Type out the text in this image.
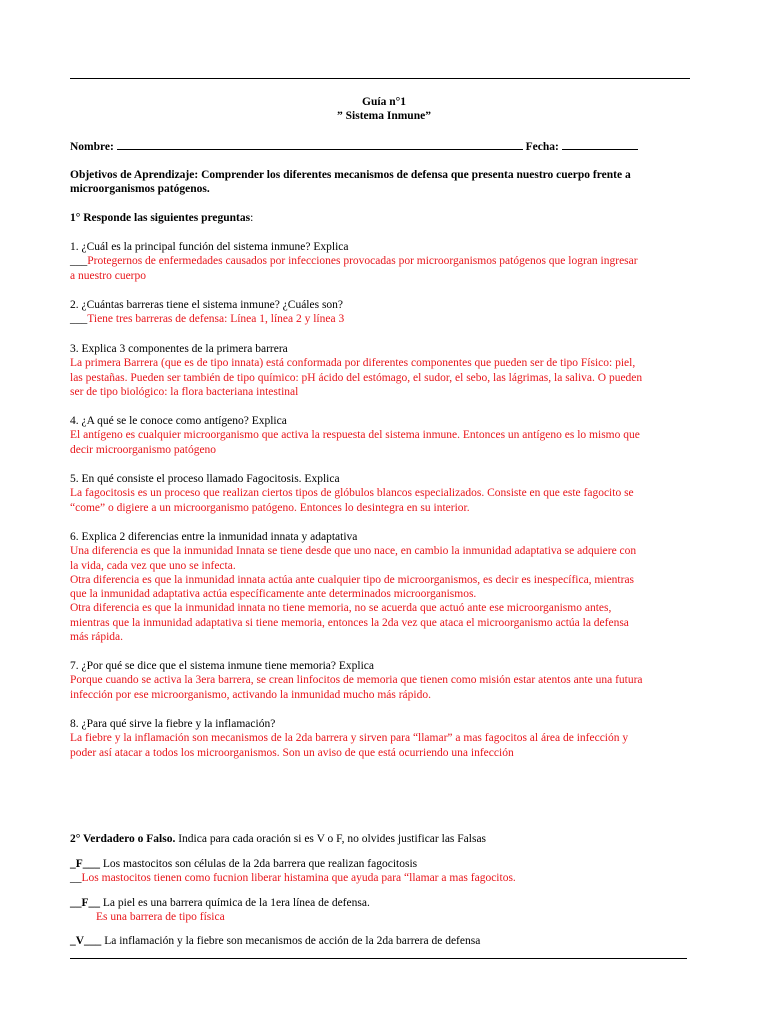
Guía n°1
” Sistema Inmune”
Nombre:	Fecha:
Objetivos de Aprendizaje: Comprender los diferentes mecanismos de defensa que presenta nuestro cuerpo frente a
microorganismos patógenos.
1° Responde las siguientes preguntas:
1. ¿Cuál es la principal función del sistema inmune? Explica
___Protegernos de enfermedades causados por infecciones provocadas por microorganismos patógenos que logran ingresar
a nuestro cuerpo
2. ¿Cuántas barreras tiene el sistema inmune? ¿Cuáles son?
___Tiene tres barreras de defensa: Línea 1, línea 2 y línea 3
3. Explica 3 componentes de la primera barrera
La primera Barrera (que es de tipo innata) está conformada por diferentes componentes que pueden ser de tipo Físico: piel,
las pestañas. Pueden ser también de tipo químico: pH ácido del estómago, el sudor, el sebo, las lágrimas, la saliva. O pueden
ser de tipo biológico: la flora bacteriana intestinal
4. ¿A qué se le conoce como antígeno? Explica
El antígeno es cualquier microorganismo que activa la respuesta del sistema inmune. Entonces un antígeno es lo mismo que
decir microorganismo patógeno
5. En qué consiste el proceso llamado Fagocitosis. Explica
La fagocitosis es un proceso que realizan ciertos tipos de glóbulos blancos especializados. Consiste en que este fagocito se
“come” o digiere a un microorganismo patógeno. Entonces lo desintegra en su interior.
6. Explica 2 diferencias entre la inmunidad innata y adaptativa
Una diferencia es que la inmunidad Innata se tiene desde que uno nace, en cambio la inmunidad adaptativa se adquiere con
la vida, cada vez que uno se infecta.
Otra diferencia es que la inmunidad innata actúa ante cualquier tipo de microorganismos, es decir es inespecífica, mientras
que la inmunidad adaptativa actúa específicamente ante determinados microorganismos.
Otra diferencia es que la inmunidad innata no tiene memoria, no se acuerda que actuó ante ese microorganismo antes,
mientras que la inmunidad adaptativa si tiene memoria, entonces la 2da vez que ataca el microorganismo actúa la defensa
más rápida.
7. ¿Por qué se dice que el sistema inmune tiene memoria? Explica
Porque cuando se activa la 3era barrera, se crean linfocitos de memoria que tienen como misión estar atentos ante una futura
infección por ese microorganismo, activando la inmunidad mucho más rápido.
8. ¿Para qué sirve la fiebre y la inflamación?
La fiebre y la inflamación son mecanismos de la 2da barrera y sirven para “llamar” a mas fagocitos al área de infección y
poder así atacar a todos los microorganismos. Son un aviso de que está ocurriendo una infección
2° Verdadero o Falso. Indica para cada oración si es V o F, no olvides justificar las Falsas
_F___ Los mastocitos son células de la 2da barrera que realizan fagocitosis
__Los mastocitos tienen como fucnion liberar histamina que ayuda para “llamar a mas fagocitos.
__F__ La piel es una barrera química de la 1era línea de defensa.
Es una barrera de tipo física
_V___ La inflamación y la fiebre son mecanismos de acción de la 2da barrera de defensa
